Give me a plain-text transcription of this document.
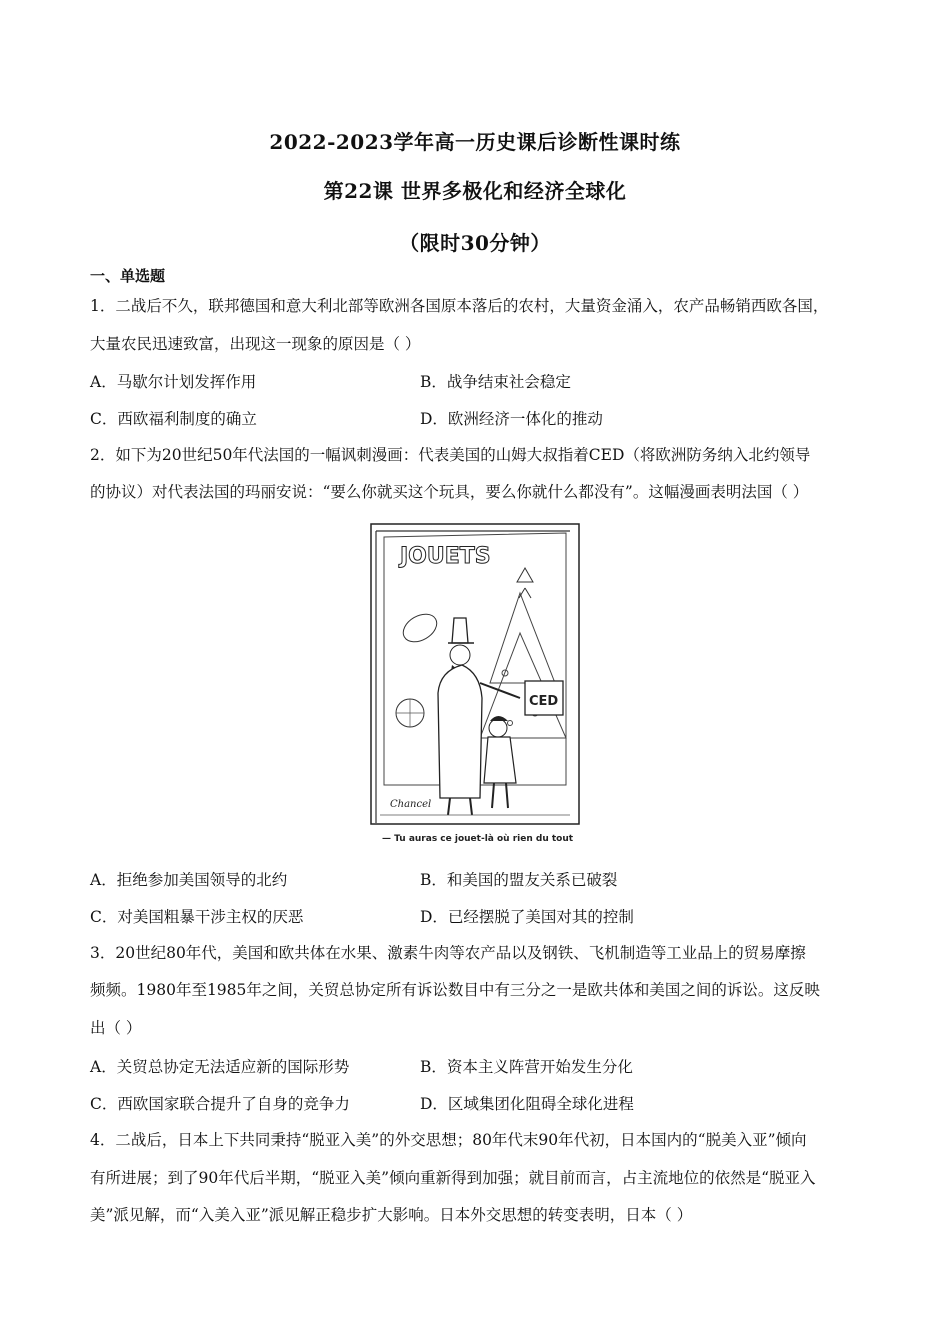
2022-2023学年高一历史课后诊断性课时练
第22课 世界多极化和经济全球化
（限时30分钟）
一、单选题
1．二战后不久，联邦德国和意大利北部等欧洲各国原本落后的农村，大量资金涌入，农产品畅销西欧各国，
大量农民迅速致富，出现这一现象的原因是（ ）
A．马歇尔计划发挥作用	B．战争结束社会稳定
C．西欧福利制度的确立	D．欧洲经济一体化的推动
2．如下为20世纪50年代法国的一幅讽刺漫画：代表美国的山姆大叔指着CED（将欧洲防务纳入北约领导
的协议）对代表法国的玛丽安说：“要么你就买这个玩具，要么你就什么都没有”。这幅漫画表明法国（ ）
JOUETS
CED
Chancel
— Tu auras ce jouet-là où rien du tout
A．拒绝参加美国领导的北约	B．和美国的盟友关系已破裂
C．对美国粗暴干涉主权的厌恶	D．已经摆脱了美国对其的控制
3．20世纪80年代，美国和欧共体在水果、激素牛肉等农产品以及钢铁、飞机制造等工业品上的贸易摩擦
频频。1980年至1985年之间，关贸总协定所有诉讼数目中有三分之一是欧共体和美国之间的诉讼。这反映
出（ ）
A．关贸总协定无法适应新的国际形势	B．资本主义阵营开始发生分化
C．西欧国家联合提升了自身的竞争力	D．区域集团化阻碍全球化进程
4．二战后，日本上下共同秉持“脱亚入美”的外交思想；80年代末90年代初，日本国内的“脱美入亚”倾向
有所进展；到了90年代后半期，“脱亚入美”倾向重新得到加强；就目前而言，占主流地位的依然是“脱亚入
美”派见解，而“入美入亚”派见解正稳步扩大影响。日本外交思想的转变表明，日本（ ）
